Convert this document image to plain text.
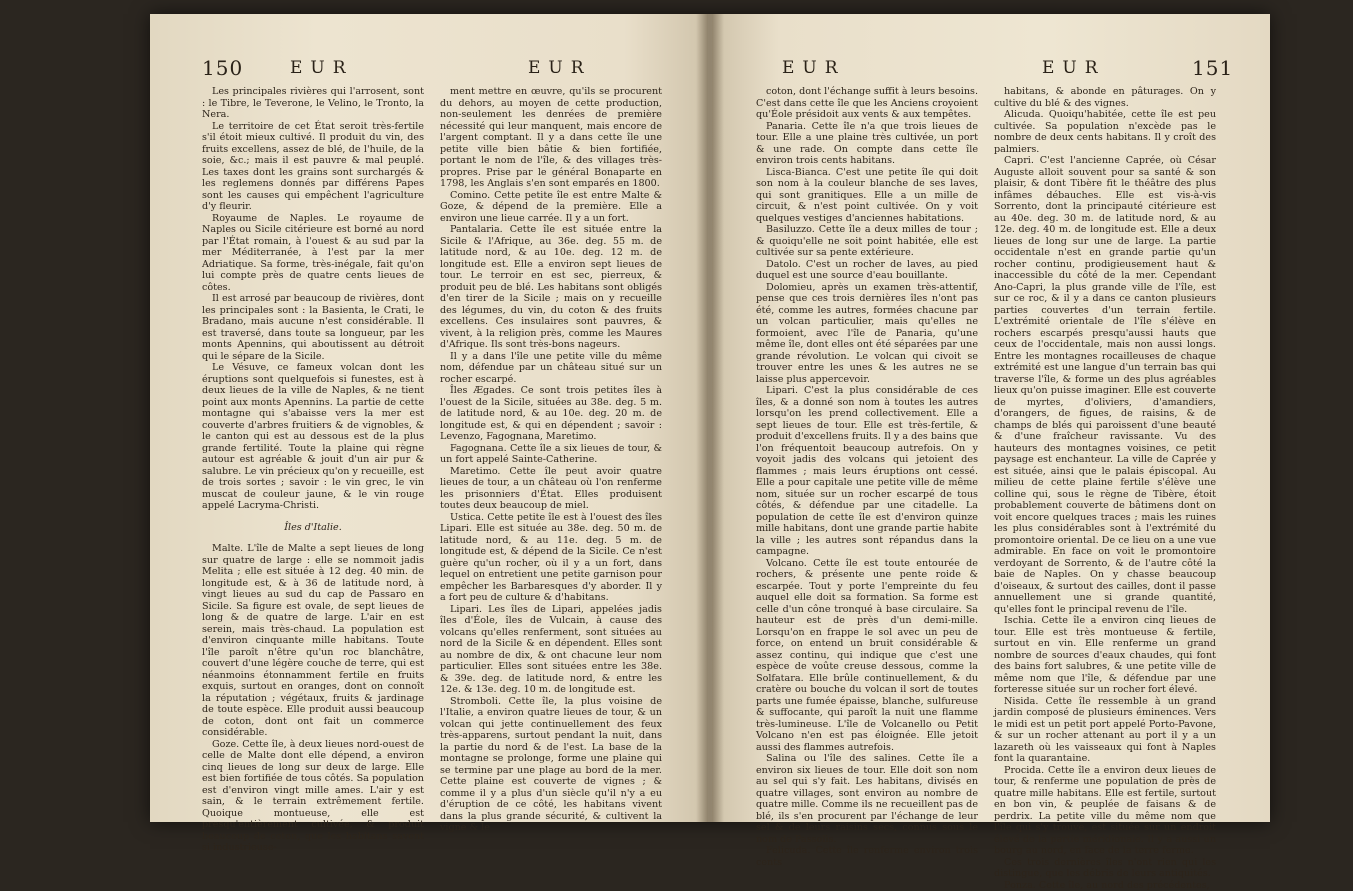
150	EUR	EUR

Les principales rivières qui l'arrosent, sont : le Tibre, le Teverone, le Velino, le Tronto, la Nera.

Le territoire de cet État seroit très-fertile s'il étoit mieux cultivé. Il produit du vin, des fruits excellens, assez de blé, de l'huile, de la soie, &c.; mais il est pauvre & mal peuplé. Les taxes dont les grains sont surchargés & les reglemens donnés par différens Papes sont les causes qui empêchent l'agriculture d'y fleurir.

Royaume de Naples. Le royaume de Naples ou Sicile citérieure est borné au nord par l'État romain, à l'ouest & au sud par la mer Méditerranée, à l'est par la mer Adriatique. Sa forme, très-inégale, fait qu'on lui compte près de quatre cents lieues de côtes.

Il est arrosé par beaucoup de rivières, dont les principales sont : la Basienta, le Crati, le Bradano, mais aucune n'est considérable. Il est traversé, dans toute sa longueur, par les monts Apennins, qui aboutissent au détroit qui le sépare de la Sicile.

Le Vésuve, ce fameux volcan dont les éruptions sont quelquefois si funestes, est à deux lieues de la ville de Naples, & ne tient point aux monts Apennins. La partie de cette montagne qui s'abaisse vers la mer est couverte d'arbres fruitiers & de vignobles, & le canton qui est au dessous est de la plus grande fertilité. Toute la plaine qui règne autour est agréable & jouit d'un air pur & salubre. Le vin précieux qu'on y recueille, est de trois sortes ; savoir : le vin grec, le vin muscat de couleur jaune, & le vin rouge appelé Lacryma-Christi.

Îles d'Italie.

Malte. L'île de Malte a sept lieues de long sur quatre de large : elle se nommoit jadis Melita ; elle est située à 12 deg. 40 min. de longitude est, & à 36 de latitude nord, à vingt lieues au sud du cap de Passaro en Sicile. Sa figure est ovale, de sept lieues de long & de quatre de large. L'air en est serein, mais très-chaud. La population est d'environ cinquante mille habitans. Toute l'île paroît n'être qu'un roc blanchâtre, couvert d'une légère couche de terre, qui est néanmoins étonnamment fertile en fruits exquis, surtout en oranges, dont on connoît la réputation ; végétaux, fruits & jardinage de toute espèce. Elle produit aussi beaucoup de coton, dont ont fait un commerce considérable.

Goze. Cette île, à deux lieues nord-ouest de celle de Malte dont elle dépend, a environ cinq lieues de long sur deux de large. Elle est bien fortifiée de tous côtés. Sa population est d'environ vingt mille ames. L'air y est sain, & le terrain extrêmement fertile. Quoique montueuse, elle est presqu'entièrement cultivée, & produit beaucoup de coton, que les habitans savent si industrieuse-

ment mettre en œuvre, qu'ils se procurent du dehors, au moyen de cette production, non-seulement les denrées de première nécessité qui leur manquent, mais encore de l'argent comptant. Il y a dans cette île une petite ville bien bâtie & bien fortifiée, portant le nom de l'île, & des villages très-propres. Prise par le général Bonaparte en 1798, les Anglais s'en sont emparés en 1800.

Comino. Cette petite île est entre Malte & Goze, & dépend de la première. Elle a environ une lieue carrée. Il y a un fort.

Pantalaria. Cette île est située entre la Sicile & l'Afrique, au 36e. deg. 55 m. de latitude nord, & au 10e. deg. 12 m. de longitude est. Elle a environ sept lieues de tour. Le terroir en est sec, pierreux, & produit peu de blé. Les habitans sont obligés d'en tirer de la Sicile ; mais on y recueille des légumes, du vin, du coton & des fruits excellens. Ces insulaires sont pauvres, & vivent, à la religion près, comme les Maures d'Afrique. Ils sont très-bons nageurs.

Il y a dans l'île une petite ville du même nom, défendue par un château situé sur un rocher escarpé.

Îles Ægades. Ce sont trois petites îles à l'ouest de la Sicile, situées au 38e. deg. 5 m. de latitude nord, & au 10e. deg. 20 m. de longitude est, & qui en dépendent ; savoir : Levenzo, Fagognana, Maretimo.

Fagognana. Cette île a six lieues de tour, & un fort appelé Sainte-Catherine.

Maretimo. Cette île peut avoir quatre lieues de tour, a un château où l'on renferme les prisonniers d'État. Elles produisent toutes deux beaucoup de miel.

Ustica. Cette petite île est à l'ouest des îles Lipari. Elle est située au 38e. deg. 50 m. de latitude nord, & au 11e. deg. 5 m. de longitude est, & dépend de la Sicile. Ce n'est guère qu'un rocher, où il y a un fort, dans lequel on entretient une petite garnison pour empêcher les Barbaresques d'y aborder. Il y a fort peu de culture & d'habitans.

Lipari. Les îles de Lipari, appelées jadis îles d'Éole, îles de Vulcain, à cause des volcans qu'elles renferment, sont situées au nord de la Sicile & en dépendent. Elles sont au nombre de dix, & ont chacune leur nom particulier. Elles sont situées entre les 38e. & 39e. deg. de latitude nord, & entre les 12e. & 13e. deg. 10 m. de longitude est.

Stromboli. Cette île, la plus voisine de l'Italie, a environ quatre lieues de tour, & un volcan qui jette continuellement des feux très-apparens, surtout pendant la nuit, dans la partie du nord & de l'est. La base de la montagne se prolonge, forme une plaine qui se termine par une plage au bord de la mer. Cette plaine est couverte de vignes ; & comme il y a plus d'un siècle qu'il n'y a eu d'éruption de ce côté, les habitans vivent dans la plus grande sécurité, & cultivent la vigne & le

EUR	EUR	151

coton, dont l'échange suffit à leurs besoins. C'est dans cette île que les Anciens croyoient qu'Éole présidoit aux vents & aux tempêtes.

Panaria. Cette île n'a que trois lieues de tour. Elle a une plaine très cultivée, un port & une rade. On compte dans cette île environ trois cents habitans.

Lisca-Bianca. C'est une petite île qui doit son nom à la couleur blanche de ses laves, qui sont granitiques. Elle a un mille de circuit, & n'est point cultivée. On y voit quelques vestiges d'anciennes habitations.

Basiluzzo. Cette île a deux milles de tour ; & quoiqu'elle ne soit point habitée, elle est cultivée sur sa pente extérieure.

Datolo. C'est un rocher de laves, au pied duquel est une source d'eau bouillante.

Dolomieu, après un examen très-attentif, pense que ces trois dernières îles n'ont pas été, comme les autres, formées chacune par un volcan particulier, mais qu'elles ne formoient, avec l'île de Panaria, qu'une même île, dont elles ont été séparées par une grande révolution. Le volcan qui civoit se trouver entre les unes & les autres ne se laisse plus appercevoir.

Lipari. C'est la plus considérable de ces îles, & a donné son nom à toutes les autres lorsqu'on les prend collectivement. Elle a sept lieues de tour. Elle est très-fertile, & produit d'excellens fruits. Il y a des bains que l'on fréquentoit beaucoup autrefois. On y voyoit jadis des volcans qui jetoient des flammes ; mais leurs éruptions ont cessé. Elle a pour capitale une petite ville de même nom, située sur un rocher escarpé de tous côtés, & défendue par une citadelle. La population de cette île est d'environ quinze mille habitans, dont une grande partie habite la ville ; les autres sont répandus dans la campagne.

Volcano. Cette île est toute entourée de rochers, & présente une pente roide & escarpée. Tout y porte l'empreinte du feu auquel elle doit sa formation. Sa forme est celle d'un cône tronqué à base circulaire. Sa hauteur est de près d'un demi-mille. Lorsqu'on en frappe le sol avec un peu de force, on entend un bruit considérable & assez continu, qui indique que c'est une espèce de voûte creuse dessous, comme la Solfatara. Elle brûle continuellement, & du cratère ou bouche du volcan il sort de toutes parts une fumée épaisse, blanche, sulfureuse & suffocante, qui paroît la nuit une flamme très-lumineuse. L'île de Volcanello ou Petit Volcano n'en est pas éloignée. Elle jetoit aussi des flammes autrefois.

Salina ou l'île des salines. Cette île a environ six lieues de tour. Elle doit son nom au sel qui s'y fait. Les habitans, divisés en quatre villages, sont environ au nombre de quatre mille. Comme ils ne recueillent pas de blé, ils s'en procurent par l'échange de leur sel & de leurs raisins secs, connus sous le nom de Passolis.

Felicuda. Cette île renferme environ trois cents

habitans, & abonde en pâturages. On y cultive du blé & des vignes.

Alicuda. Quoiqu'habitée, cette île est peu cultivée. Sa population n'excède pas le nombre de deux cents habitans. Il y croît des palmiers.

Capri. C'est l'ancienne Caprée, où César Auguste alloit souvent pour sa santé & son plaisir, & dont Tibère fit le théâtre des plus infâmes débauches. Elle est vis-à-vis Sorrento, dont la principauté citérieure est au 40e. deg. 30 m. de latitude nord, & au 12e. deg. 40 m. de longitude est. Elle a deux lieues de long sur une de large. La partie occidentale n'est en grande partie qu'un rocher continu, prodigieusement haut & inaccessible du côté de la mer. Cependant Ano-Capri, la plus grande ville de l'île, est sur ce roc, & il y a dans ce canton plusieurs parties couvertes d'un terrain fertile. L'extrémité orientale de l'île s'élève en rochers escarpés presqu'aussi hauts que ceux de l'occidentale, mais non aussi longs. Entre les montagnes rocailleuses de chaque extrémité est une langue d'un terrain bas qui traverse l'île, & forme un des plus agréables lieux qu'on puisse imaginer. Elle est couverte de myrtes, d'oliviers, d'amandiers, d'orangers, de figues, de raisins, & de champs de blés qui paroissent d'une beauté & d'une fraîcheur ravissante. Vu des hauteurs des montagnes voisines, ce petit paysage est enchanteur. La ville de Caprée y est située, ainsi que le palais épiscopal. Au milieu de cette plaine fertile s'élève une colline qui, sous le règne de Tibère, étoit probablement couverte de bâtimens dont on voit encore quelques traces ; mais les ruines les plus considérables sont à l'extrémité du promontoire oriental. De ce lieu on a une vue admirable. En face on voit le promontoire verdoyant de Sorrento, & de l'autre côté la baie de Naples. On y chasse beaucoup d'oiseaux, & surtout des cailles, dont il passe annuellement une si grande quantité, qu'elles font le principal revenu de l'île.

Ischia. Cette île a environ cinq lieues de tour. Elle est très montueuse & fertile, surtout en vin. Elle renferme un grand nombre de sources d'eaux chaudes, qui font des bains fort salubres, & une petite ville de même nom que l'île, & défendue par une forteresse située sur un rocher fort élevé.

Nisida. Cette île ressemble à un grand jardin composé de plusieurs éminences. Vers le midi est un petit port appelé Porto-Pavone, & sur un rocher attenant au port il y a un lazareth où les vaisseaux qui font à Naples font la quarantaine.

Procida. Cette île a environ deux lieues de tour, & renferme une population de près de quatre mille habitans. Elle est fertile, surtout en bon vin, & peuplée de faisans & de perdrix. La petite ville du même nom que l'île qui s'y trouve, est située sur un endroit élevé de la partie méridionale. Il y a aussi un bourg au nord, en face de la terre ferme.

Ces trois dernières îles n'ont rien qui les distingue, que les débris de leurs antiquités.

Ponza. Cette île, au nord des précédentes,
